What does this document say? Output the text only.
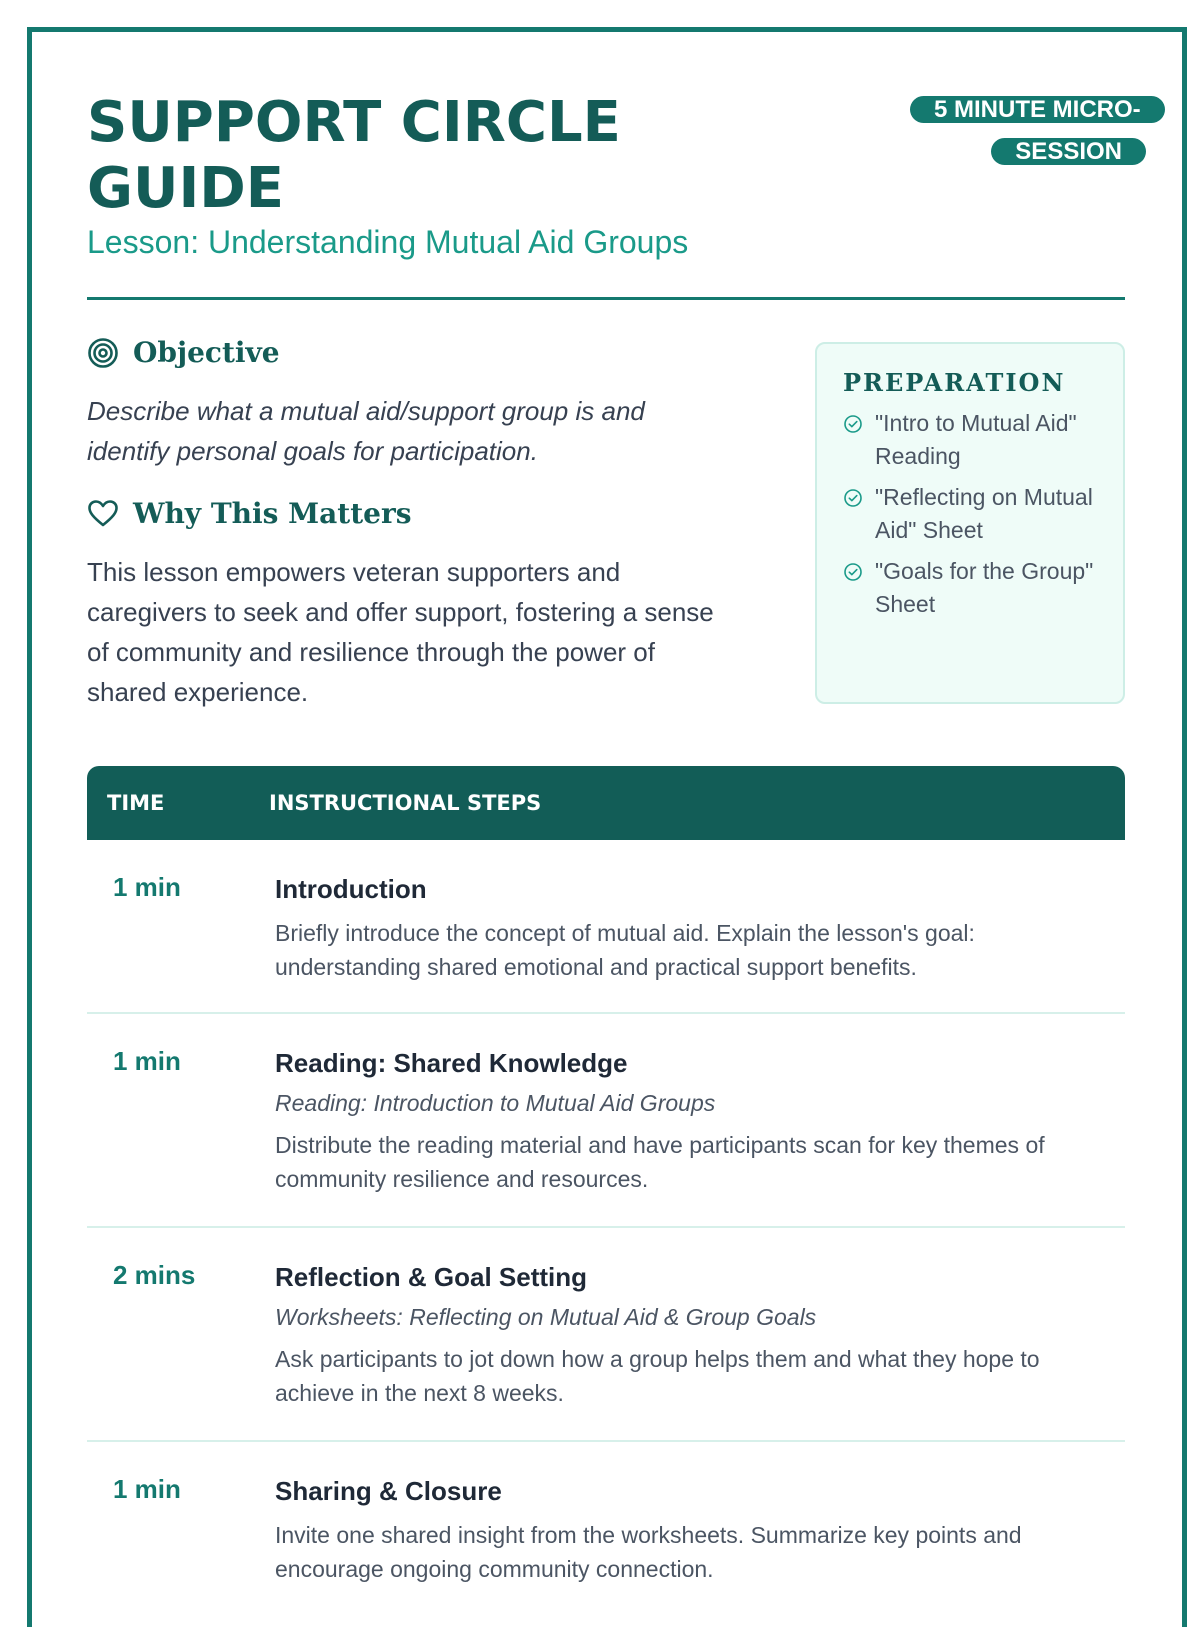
SUPPORT CIRCLE GUIDE
Lesson: Understanding Mutual Aid Groups
5 MINUTE MICRO-SESSION
Objective

Describe what a mutual aid/support group is and identify personal goals for participation.

Why This Matters

This lesson empowers veteran supporters and caregivers to seek and offer support, fostering a sense of community and resilience through the power of shared experience.

PREPARATION
"Intro to Mutual Aid" Reading
"Reflecting on Mutual Aid" Sheet
"Goals for the Group" Sheet
TIME	INSTRUCTIONAL STEPS
1 min	Introduction
Briefly introduce the concept of mutual aid. Explain the lesson's goal: understanding shared emotional and practical support benefits.
1 min	Reading: Shared Knowledge
Reading: Introduction to Mutual Aid Groups
Distribute the reading material and have participants scan for key themes of community resilience and resources.
2 mins	Reflection & Goal Setting
Worksheets: Reflecting on Mutual Aid & Group Goals
Ask participants to jot down how a group helps them and what they hope to achieve in the next 8 weeks.
1 min	Sharing & Closure
Invite one shared insight from the worksheets. Summarize key points and encourage ongoing community connection.
